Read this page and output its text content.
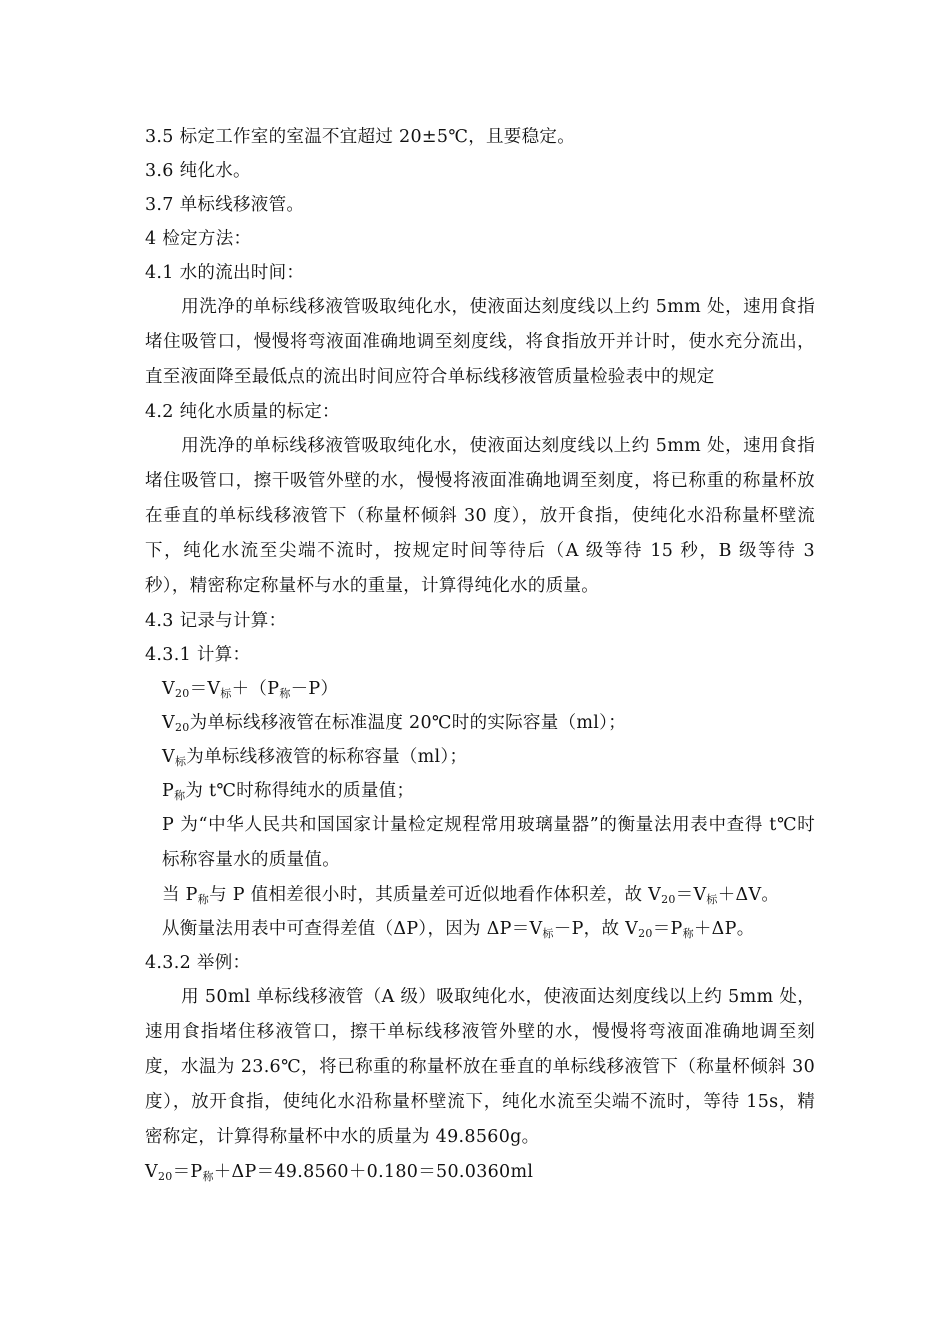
3.5 标定工作室的室温不宜超过 20±5℃，且要稳定。
3.6 纯化水。
3.7 单标线移液管。
4 检定方法：
4.1 水的流出时间：
用洗净的单标线移液管吸取纯化水，使液面达刻度线以上约 5mm 处，速用食指堵住吸管口，慢慢将弯液面准确地调至刻度线，将食指放开并计时，使水充分流出，直至液面降至最低点的流出时间应符合单标线移液管质量检验表中的规定
4.2 纯化水质量的标定：
用洗净的单标线移液管吸取纯化水，使液面达刻度线以上约 5mm 处，速用食指堵住吸管口，擦干吸管外壁的水，慢慢将液面准确地调至刻度，将已称重的称量杯放在垂直的单标线移液管下（称量杯倾斜 30 度），放开食指，使纯化水沿称量杯壁流下，纯化水流至尖端不流时，按规定时间等待后（A 级等待 15 秒，B 级等待 3 秒），精密称定称量杯与水的重量，计算得纯化水的质量。
4.3 记录与计算：
4.3.1 计算：
$V_{20}=V_标+(P_称-P)$
$V_{20}$为单标线移液管在标准温度 20℃时的实际容量（ml）；
$V_标$为单标线移液管的标称容量（ml）；
$P_称$为 t℃时称得纯水的质量值；
P 为“中华人民共和国国家计量检定规程常用玻璃量器”的衡量法用表中查得 t℃时标称容量水的质量值。
当 $P_称$与 P 值相差很小时，其质量差可近似地看作体积差，故 $V_{20}=V_标+\Delta V$。
从衡量法用表中可查得差值（ΔP），因为 $\Delta P=V_标-P$，故 $V_{20}=P_称+\Delta P$。
4.3.2 举例：
用 50ml 单标线移液管（A 级）吸取纯化水，使液面达刻度线以上约 5mm 处，速用食指堵住移液管口，擦干单标线移液管外壁的水，慢慢将弯液面准确地调至刻度，水温为 23.6℃，将已称重的称量杯放在垂直的单标线移液管下（称量杯倾斜 30 度），放开食指，使纯化水沿称量杯壁流下，纯化水流至尖端不流时，等待 15s，精密称定，计算得称量杯中水的质量为 49.8560g。
$V_{20}=P_称+\Delta P=49.8560+0.180=50.0360ml$
